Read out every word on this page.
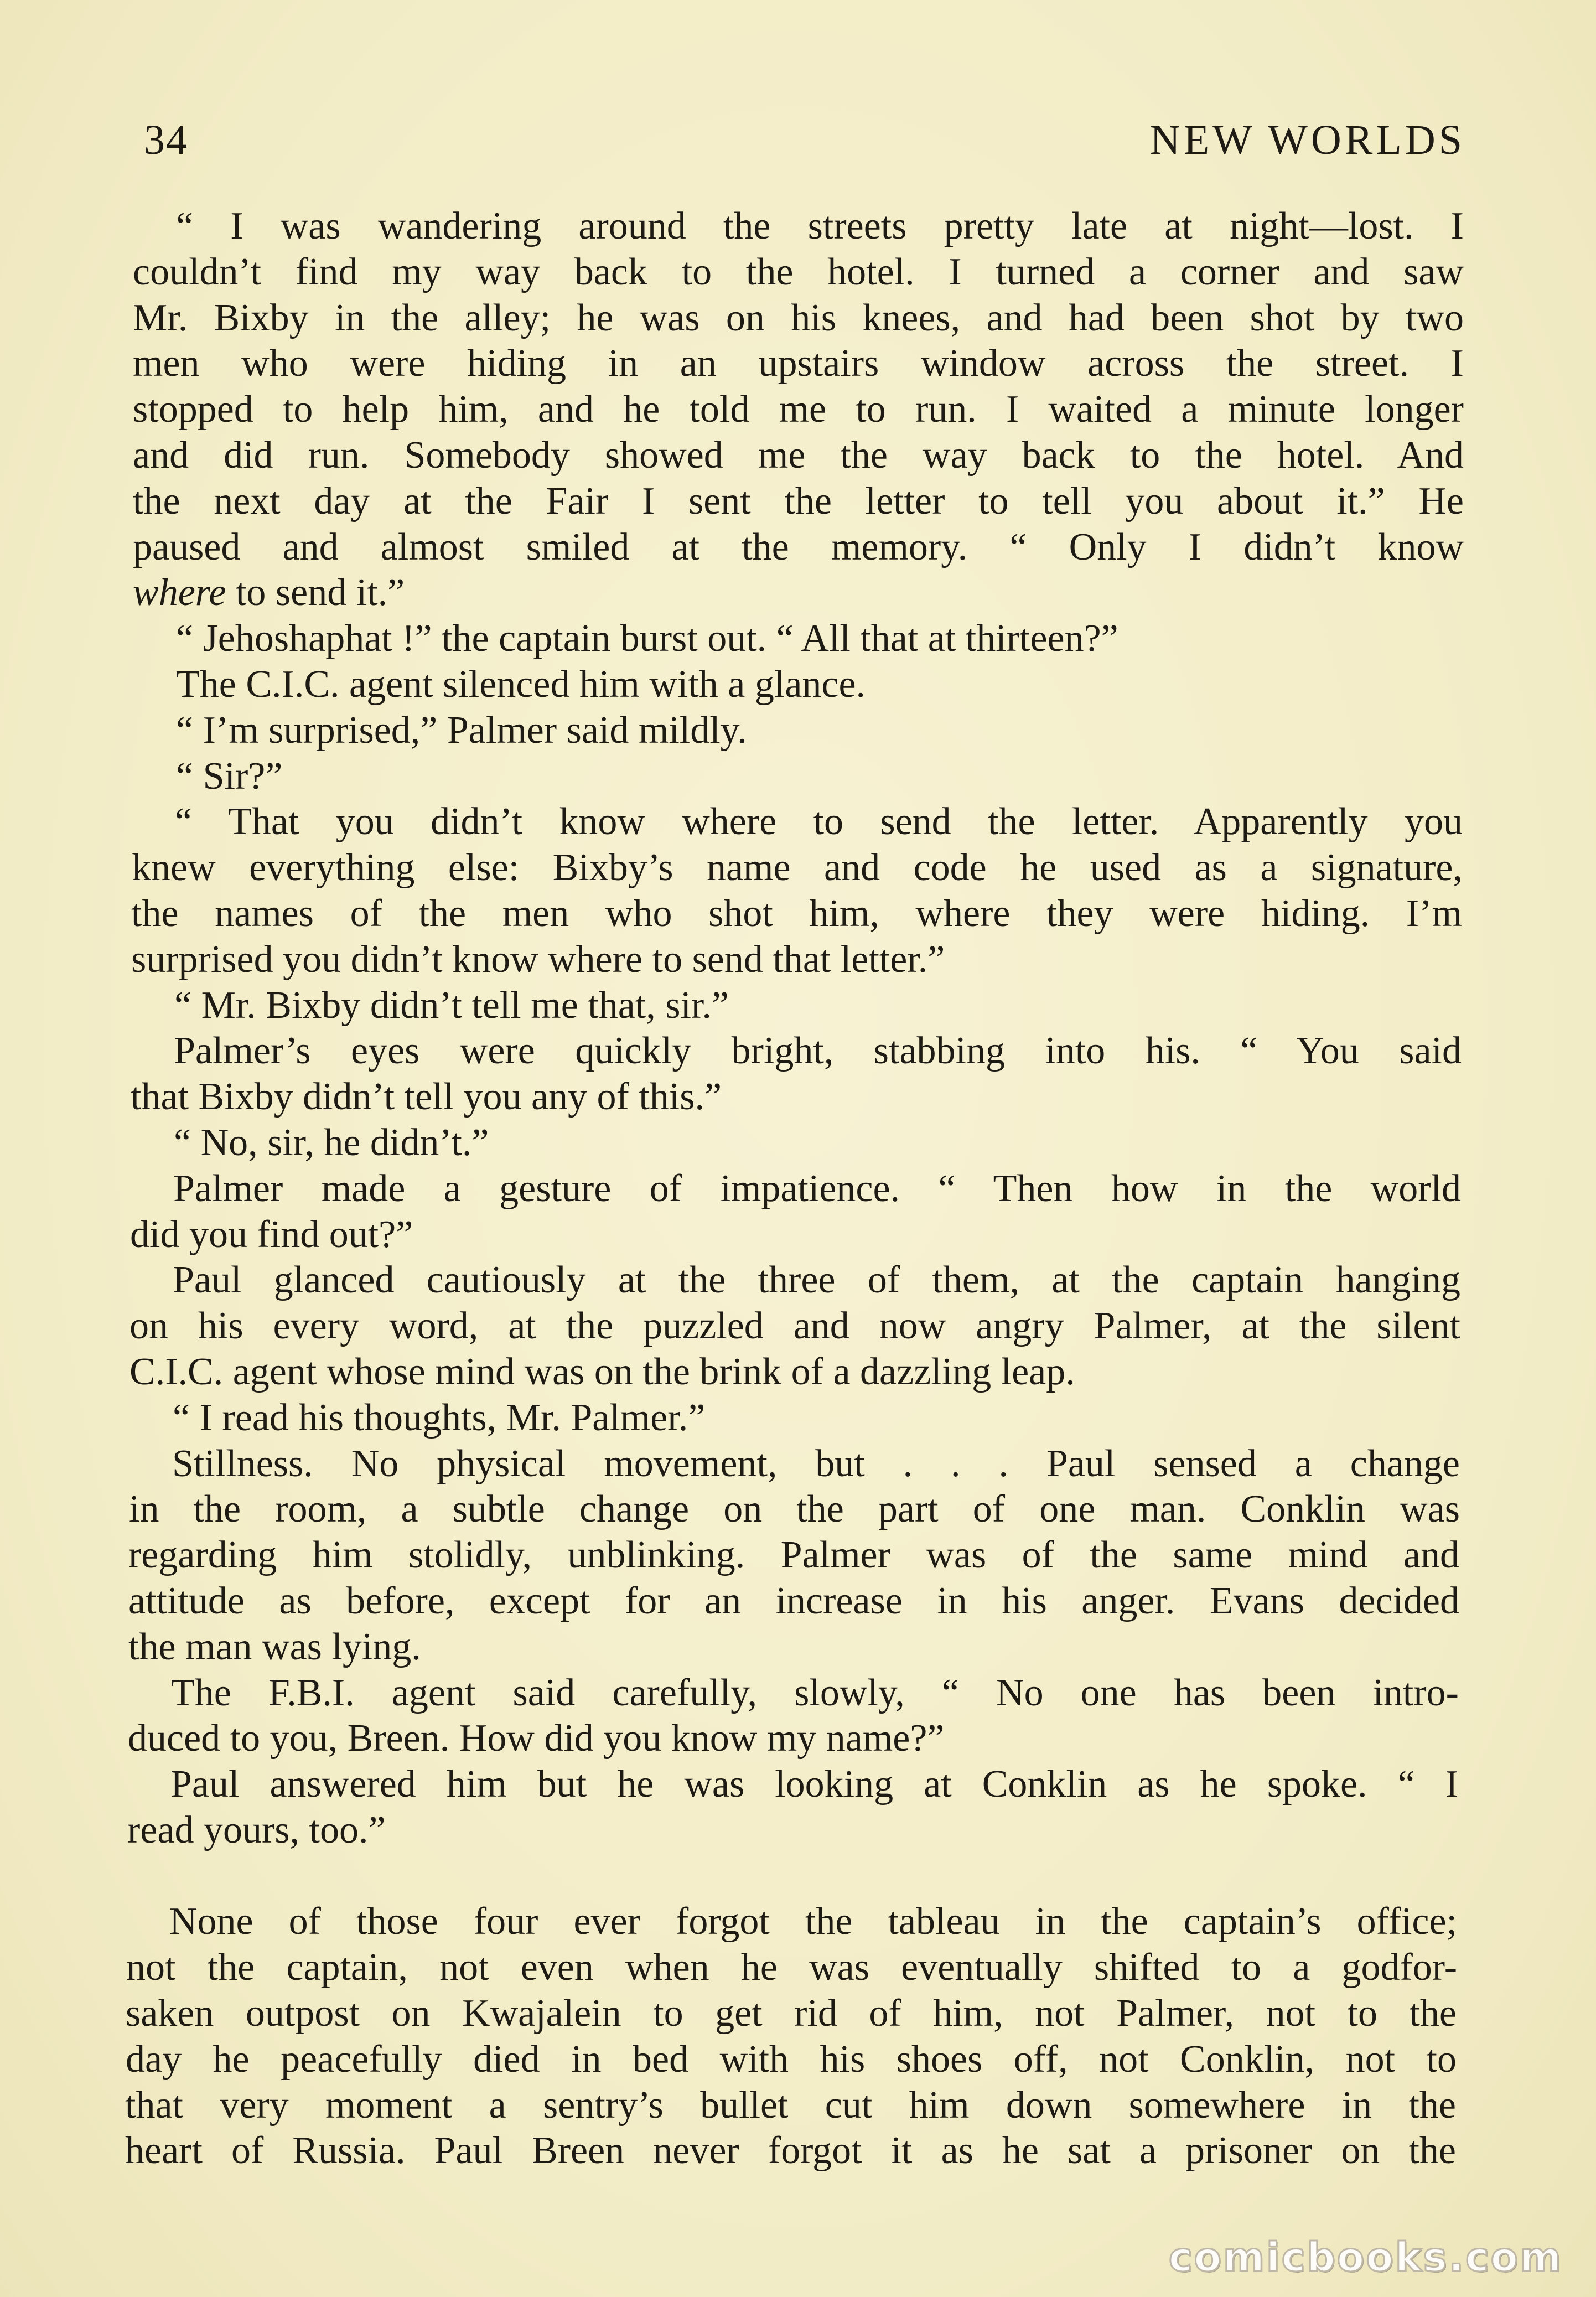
34	NEW WORLDS
“ I was wandering around the streets pretty late at night—lost. I
couldn’t find my way back to the hotel. I turned a corner and saw
Mr. Bixby in the alley; he was on his knees, and had been shot by two
men who were hiding in an upstairs window across the street. I
stopped to help him, and he told me to run. I waited a minute longer
and did run. Somebody showed me the way back to the hotel. And
the next day at the Fair I sent the letter to tell you about it.” He
paused and almost smiled at the memory. “ Only I didn’t know
where to send it.”
“ Jehoshaphat !” the captain burst out. “ All that at thirteen?”
The C.I.C. agent silenced him with a glance.
“ I’m surprised,” Palmer said mildly.
“ Sir?”
“ That you didn’t know where to send the letter. Apparently you
knew everything else: Bixby’s name and code he used as a signature,
the names of the men who shot him, where they were hiding. I’m
surprised you didn’t know where to send that letter.”
“ Mr. Bixby didn’t tell me that, sir.”
Palmer’s eyes were quickly bright, stabbing into his. “ You said
that Bixby didn’t tell you any of this.”
“ No, sir, he didn’t.”
Palmer made a gesture of impatience. “ Then how in the world
did you find out?”
Paul glanced cautiously at the three of them, at the captain hanging
on his every word, at the puzzled and now angry Palmer, at the silent
C.I.C. agent whose mind was on the brink of a dazzling leap.
“ I read his thoughts, Mr. Palmer.”
Stillness. No physical movement, but . . . Paul sensed a change
in the room, a subtle change on the part of one man. Conklin was
regarding him stolidly, unblinking. Palmer was of the same mind and
attitude as before, except for an increase in his anger. Evans decided
the man was lying.
The F.B.I. agent said carefully, slowly, “ No one has been intro-
duced to you, Breen. How did you know my name?”
Paul answered him but he was looking at Conklin as he spoke. “ I
read yours, too.”
None of those four ever forgot the tableau in the captain’s office;
not the captain, not even when he was eventually shifted to a godfor-
saken outpost on Kwajalein to get rid of him, not Palmer, not to the
day he peacefully died in bed with his shoes off, not Conklin, not to
that very moment a sentry’s bullet cut him down somewhere in the
heart of Russia. Paul Breen never forgot it as he sat a prisoner on the
comicbooks.com
